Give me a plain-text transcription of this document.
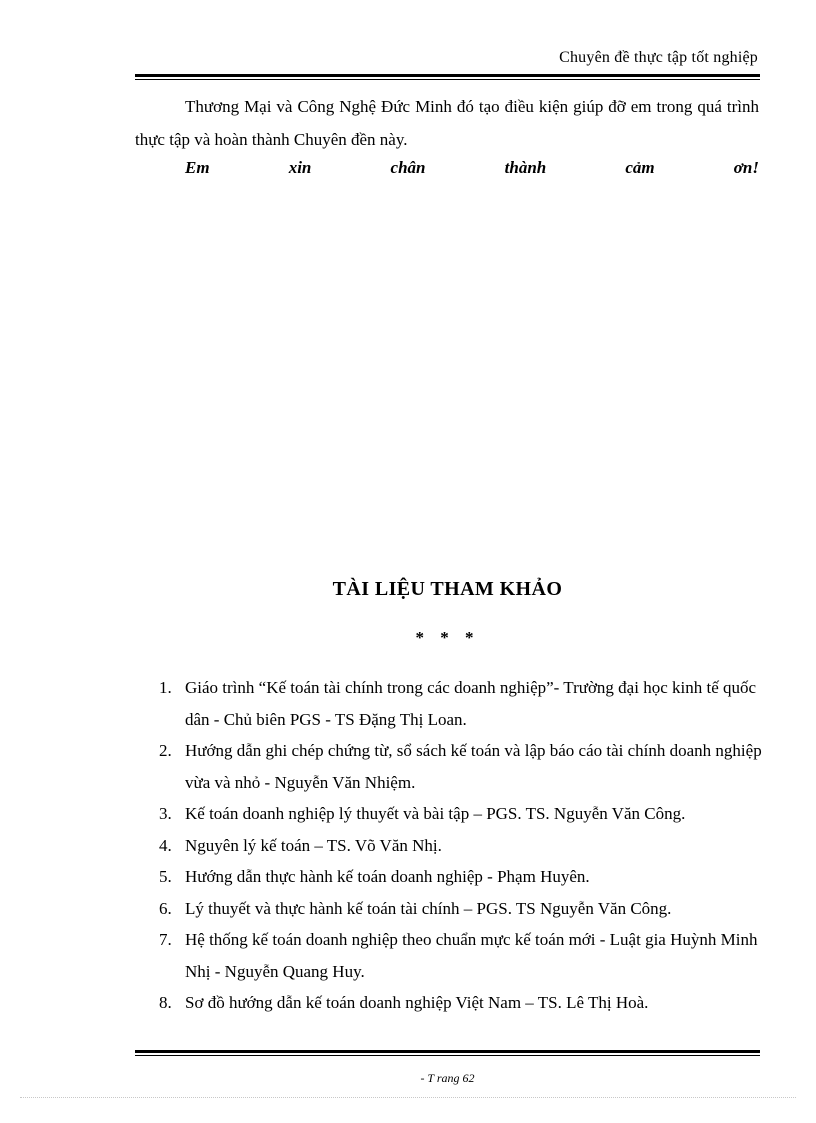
Chuyên đề thực tập tốt nghiệp

Thương Mại và Công Nghệ Đức Minh đó tạo điều kiện giúp đỡ em trong quá trình thực tập và hoàn thành Chuyên đền này.

Em	xin	chân	thành	cảm	ơn!
TÀI LIỆU THAM KHẢO
* * *
1. Giáo trình “Kế toán tài chính trong các doanh nghiệp”- Trường đại học kinh tế quốc dân - Chủ biên PGS - TS Đặng Thị Loan.
2. Hướng dẫn ghi chép chứng từ, sổ sách kế toán và lập báo cáo tài chính doanh nghiệp vừa và nhỏ - Nguyễn Văn Nhiệm.
3. Kế toán doanh nghiệp lý thuyết và bài tập – PGS. TS. Nguyễn Văn Công.
4. Nguyên lý kế toán – TS. Võ Văn Nhị.
5. Hướng dẫn thực hành kế toán doanh nghiệp - Phạm Huyên.
6. Lý thuyết và thực hành kế toán tài chính – PGS. TS Nguyễn Văn Công.
7. Hệ thống kế toán doanh nghiệp theo chuẩn mực kế toán mới - Luật gia Huỳnh Minh Nhị - Nguyễn Quang Huy.
8. Sơ đồ hướng dẫn kế toán doanh nghiệp Việt Nam – TS. Lê Thị Hoà.
- T rang 62
